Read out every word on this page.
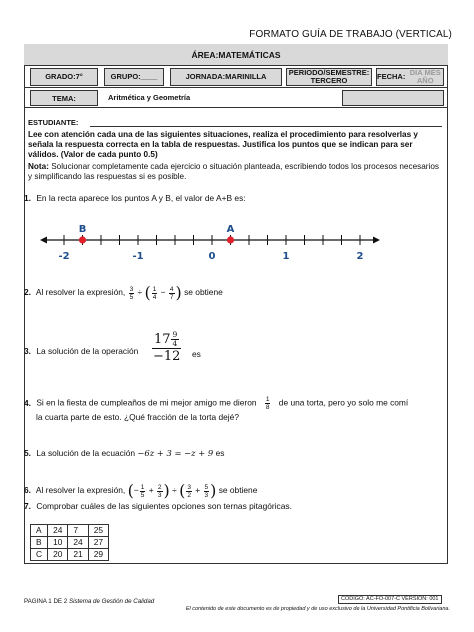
FORMATO GUÍA DE TRABAJO (VERTICAL)
ÁREA:MATEMÁTICAS
GRADO:7°	GRUPO:____	JORNADA:MARINILLA	PERIODO/SEMESTRE: TERCERO	FECHA:
DIA MES AÑO
TEMA:	Aritmética y Geometría
ESTUDIANTE:
Lee con atención cada una de las siguientes situaciones, realiza el procedimiento para resolverlas y señala la respuesta correcta en la tabla de respuestas. Justifica los puntos que se indican para ser válidos. (Valor de cada punto 0.5)
Nota: Solucionar completamente cada ejercicio o situación planteada, escribiendo todos los procesos necesarios y simplificando las respuestas si es posible.
1. En la recta aparece los puntos A y B, el valor de A+B es:
-2	-1	0	1	2
B	A
2. Al resolver la expresión, $\frac{3}{5}$ ÷ ( $\frac{1}{4} - \frac{4}{7}$ ) se obtiene
3. La solución de la operación $\frac{17 \frac{9}{4}}{-12}$ es
4. Si en la fiesta de cumpleaños de mi mejor amigo me dieron $\frac{1}{8}$ de una torta, pero yo solo me comí
la cuarta parte de esto. ¿Qué fracción de la torta dejé?
5. La solución de la ecuación −6z + 3 = −z + 9 es
6. Al resolver la expresión, (− $\frac{1}{5} + \frac{2}{3}$ ) ÷ ( $\frac{3}{2} + \frac{5}{3}$ ) se obtiene
7. Comprobar cuáles de las siguientes opciones son ternas pitagóricas.
A	24	7	25
B	10	24	27
C	20	21	29
PAGINA 1 DE 2 Sistema de Gestión de Calidad	CODIGO: AC-FO-007-C VERSION: 001
El contenido de este documento es de propiedad y de uso exclusivo de la Universidad Pontificia Bolivariana.
